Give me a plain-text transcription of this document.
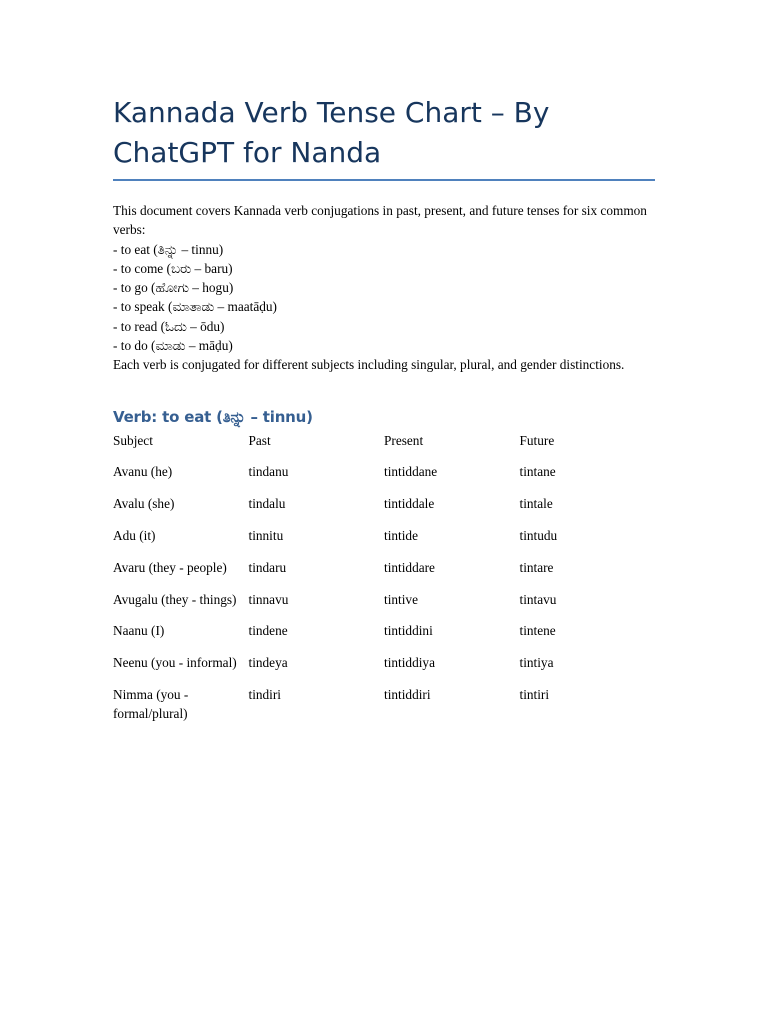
Kannada Verb Tense Chart – By ChatGPT for Nanda

This document covers Kannada verb conjugations in past, present, and future tenses for six common verbs:

- to eat (ತಿನ್ನು – tinnu)

- to come (ಬರು – baru)

- to go (ಹೋಗು – hogu)

- to speak (ಮಾತಾಡು – maatāḍu)

- to read (ಓದು – ōdu)

- to do (ಮಾಡು – māḍu)

Each verb is conjugated for different subjects including singular, plural, and gender distinctions.

Verb: to eat (ತಿನ್ನು – tinnu)
Subject	Past	Present	Future
Avanu (he)	tindanu	tintiddane	tintane
Avalu (she)	tindalu	tintiddale	tintale
Adu (it)	tinnitu	tintide	tintudu
Avaru (they - people)	tindaru	tintiddare	tintare
Avugalu (they - things)	tinnavu	tintive	tintavu
Naanu (I)	tindene	tintiddini	tintene
Neenu (you - informal)	tindeya	tintiddiya	tintiya
Nimma (you - formal/plural)	tindiri	tintiddiri	tintiri
